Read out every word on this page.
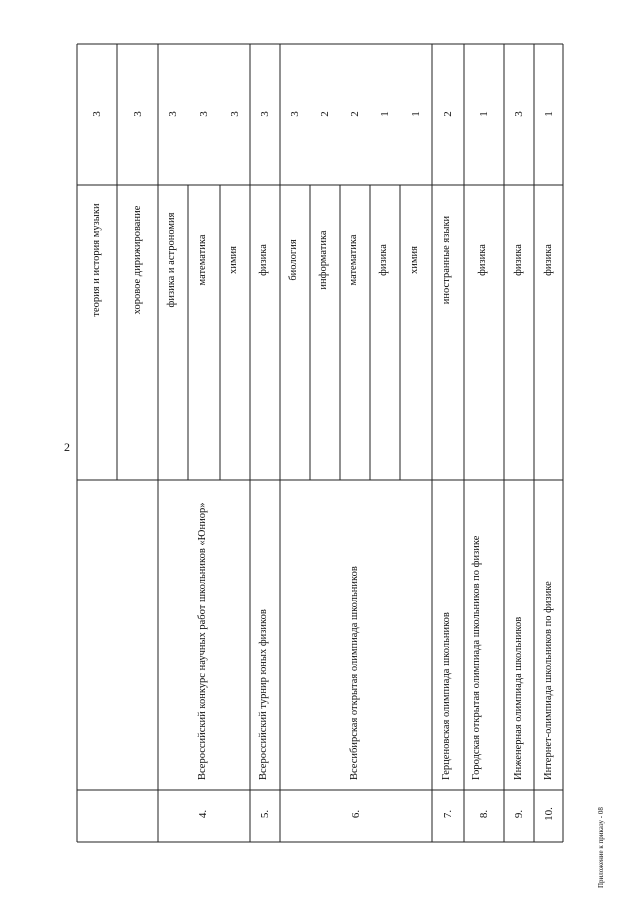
2
теория и история музыки
3
хоровое дирижирование
3
4.
Всероссийский конкурс научных работ школьников «Юниор»
физика и астрономия математика химия
3 3 3
5.
Всероссийский турнир юных физиков
физика
3
6.
Всесибирская открытая олимпиада школьников
биология информатика математика физика химия
3 2 2 1 1
7.
Герценовская олимпиада школьников
иностранные языки
2
8.
Городская открытая олимпиада школьников по физике
физика
1
9.
Инженерная олимпиада школьников
физика
3
10.
Интернет-олимпиада школьников по физике
физика
1
Приложение к приказу - 08
